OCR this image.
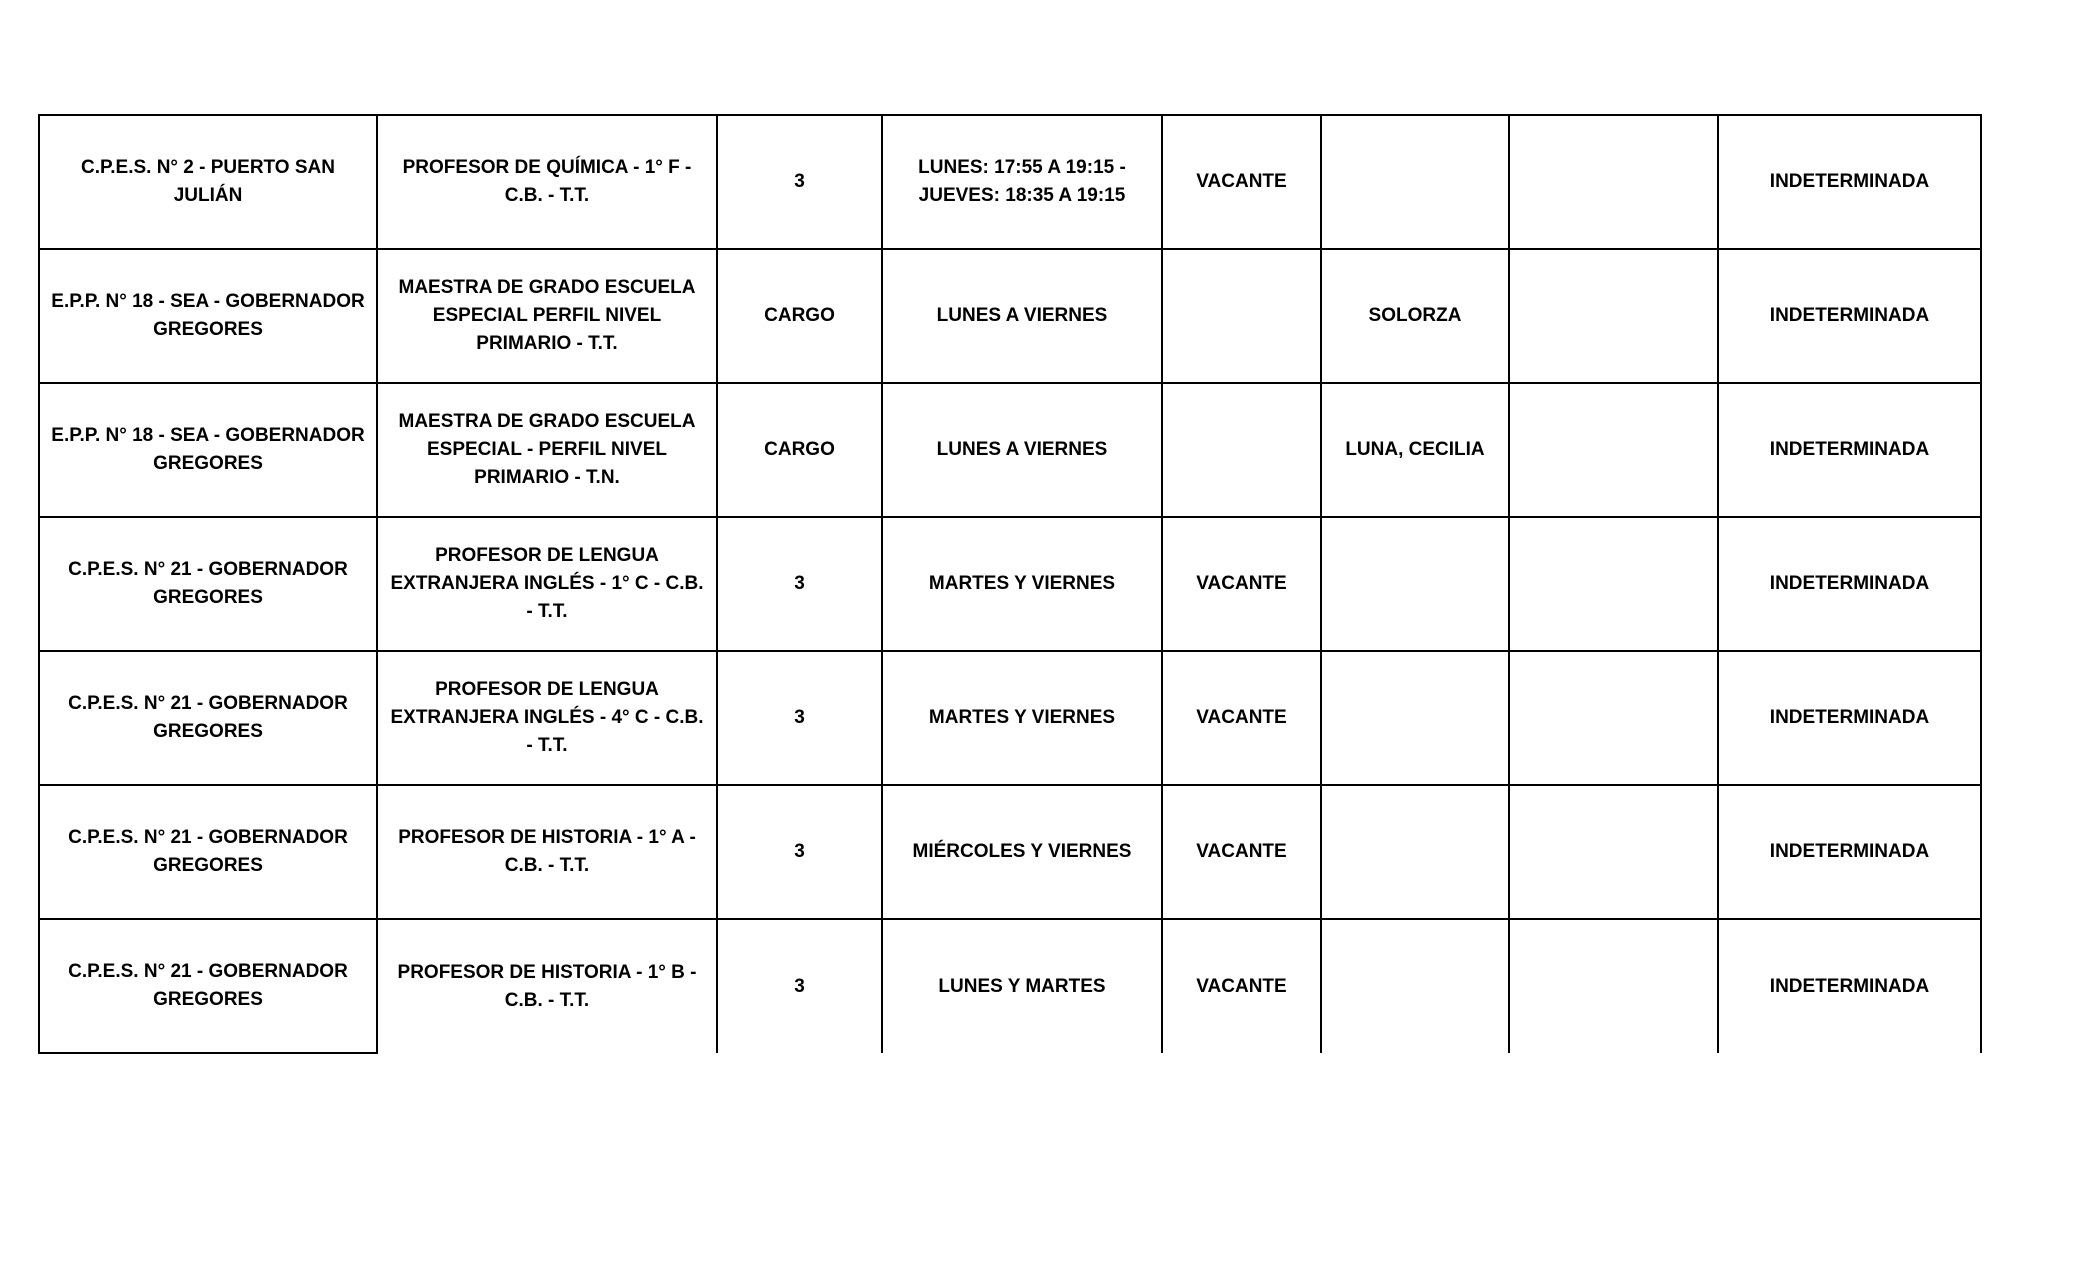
C.P.E.S. N° 2 - PUERTO SAN JULIÁN	PROFESOR DE QUÍMICA - 1° F - C.B. - T.T.	3	LUNES: 17:55 A 19:15 - JUEVES: 18:35 A 19:15	VACANTE			INDETERMINADA
E.P.P. N° 18 - SEA - GOBERNADOR GREGORES	MAESTRA DE GRADO ESCUELA ESPECIAL PERFIL NIVEL PRIMARIO - T.T.	CARGO	LUNES A VIERNES		SOLORZA		INDETERMINADA
E.P.P. N° 18 - SEA - GOBERNADOR GREGORES	MAESTRA DE GRADO ESCUELA ESPECIAL - PERFIL NIVEL PRIMARIO - T.N.	CARGO	LUNES A VIERNES		LUNA, CECILIA		INDETERMINADA
C.P.E.S. N° 21 - GOBERNADOR GREGORES	PROFESOR DE LENGUA EXTRANJERA INGLÉS - 1° C - C.B. - T.T.	3	MARTES Y VIERNES	VACANTE			INDETERMINADA
C.P.E.S. N° 21 - GOBERNADOR GREGORES	PROFESOR DE LENGUA EXTRANJERA INGLÉS - 4° C - C.B. - T.T.	3	MARTES Y VIERNES	VACANTE			INDETERMINADA
C.P.E.S. N° 21 - GOBERNADOR GREGORES	PROFESOR DE HISTORIA - 1° A - C.B. - T.T.	3	MIÉRCOLES Y VIERNES	VACANTE			INDETERMINADA
C.P.E.S. N° 21 - GOBERNADOR GREGORES	PROFESOR DE HISTORIA - 1° B - C.B. - T.T.	3	LUNES Y MARTES	VACANTE			INDETERMINADA
